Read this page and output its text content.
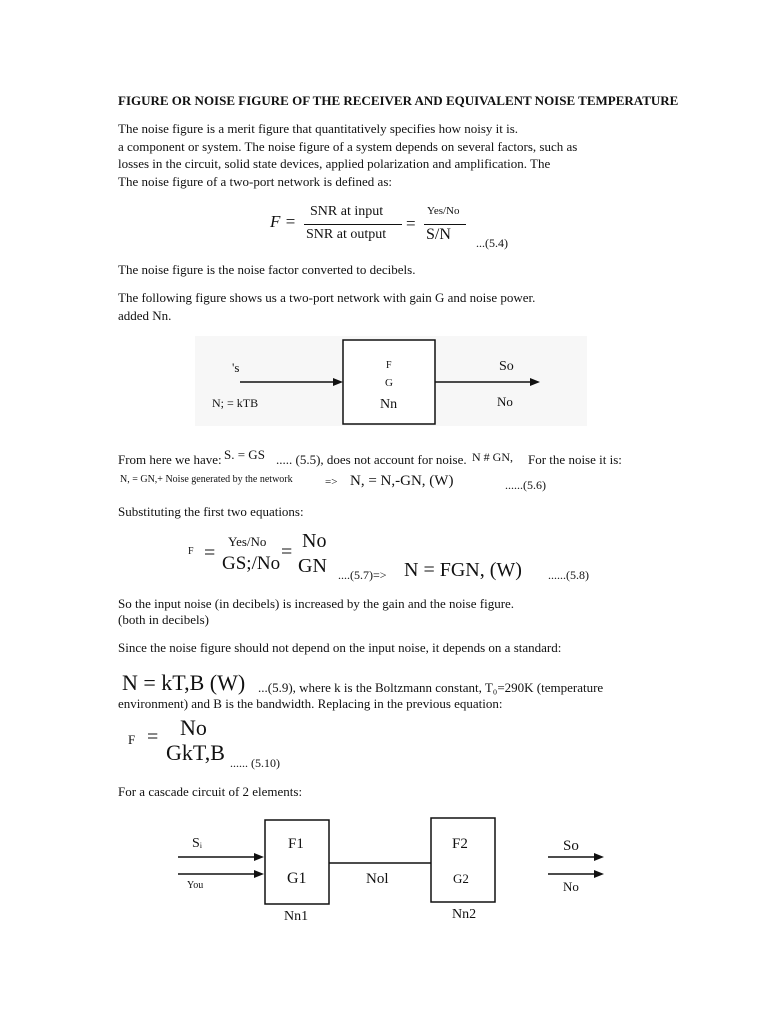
FIGURE OR NOISE FIGURE OF THE RECEIVER AND EQUIVALENT NOISE TEMPERATURE
The noise figure is a merit figure that quantitatively specifies how noisy it is.
a component or system. The noise figure of a system depends on several factors, such as
losses in the circuit, solid state devices, applied polarization and amplification. The
The noise figure of a two-port network is defined as:
F =
SNR at input
SNR at output
=
Yes/No
S/N ...(5.4)
The noise figure is the noise factor converted to decibels.
The following figure shows us a two-port network with gain G and noise power.
added Nn.
's
N; = kTB
F
G
Nn
So
No
From here we have: S. = GS ..... (5.5), does not account for noise. N # GN, For the noise it is:
N, = GN,+ Noise generated by the network	=> N, = N,-GN, (W)	......(5.6)
Substituting the first two equations:
F =
Yes/No
GS;/No
= No
GN ....(5.7)=> N = FGN, (W) ......(5.8)
So the input noise (in decibels) is increased by the gain and the noise figure.
(both in decibels)
Since the noise figure should not depend on the input noise, it depends on a standard:
N = kT,B (W) ...(5.9), where k is the Boltzmann constant, T₀=290K (temperature
environment) and B is the bandwidth. Replacing in the previous equation:
F = No
GkT,B ...... (5.10)
For a cascade circuit of 2 elements:
Sᵢ
You
F1
G1
Nn1
Nol
F2
G2
Nn2
So
No
